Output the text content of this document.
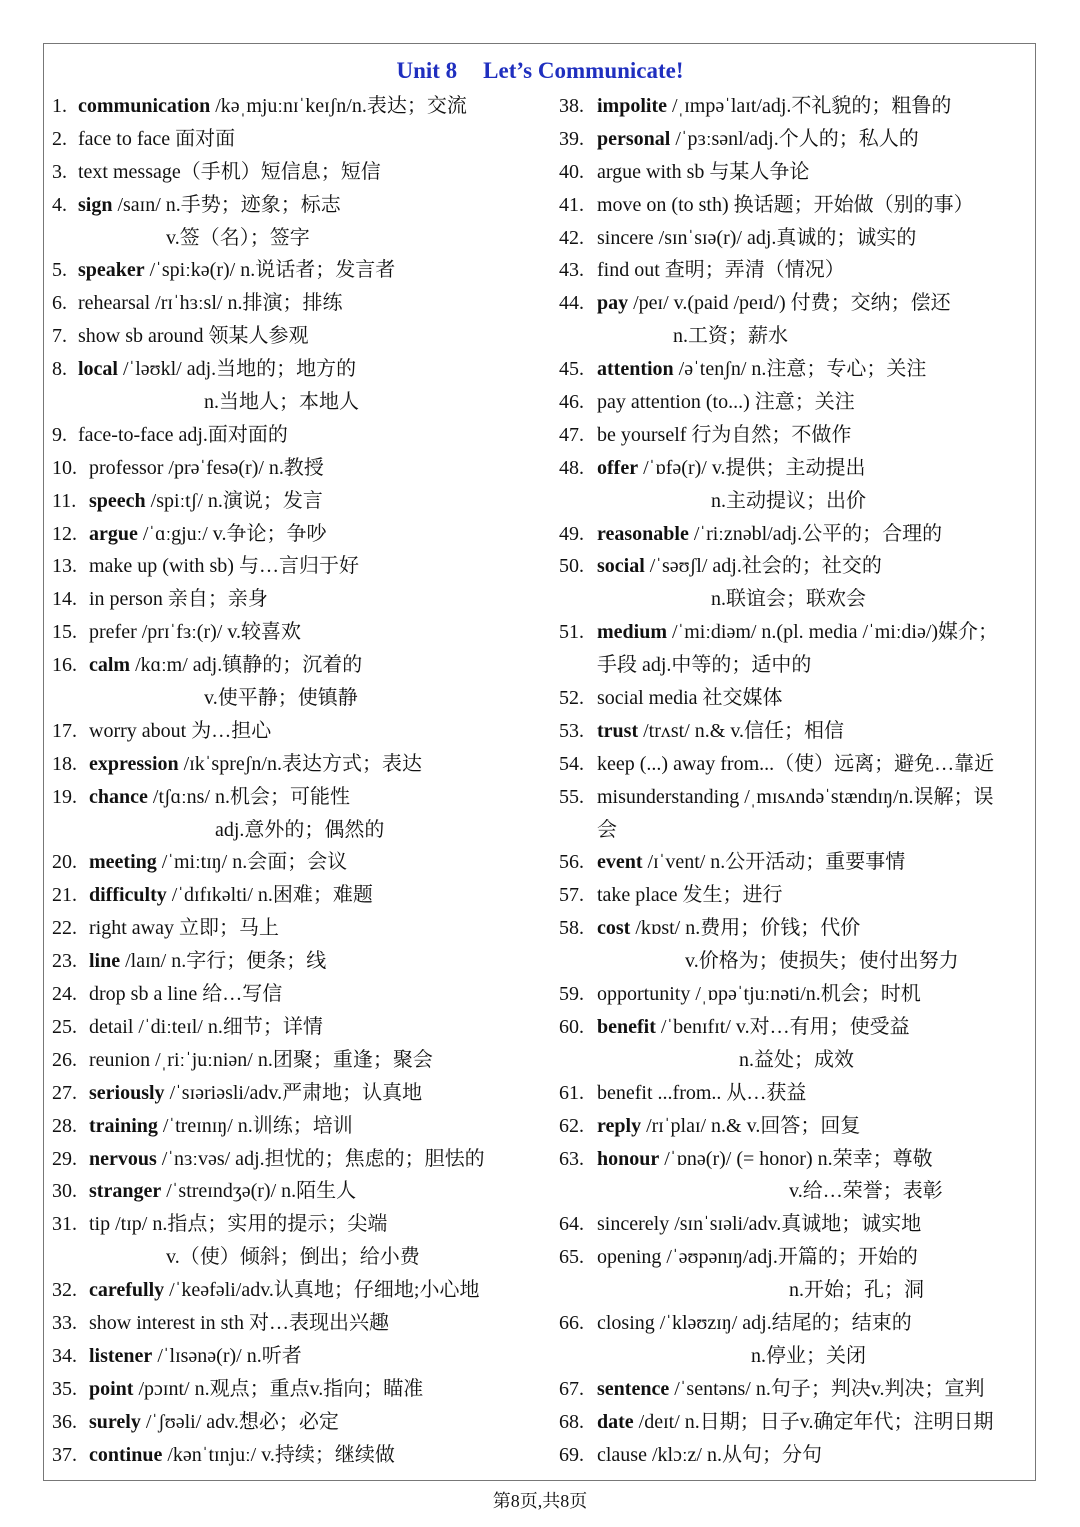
Unit 8 Let’s Communicate!
1. communication /kəˌmjuːnɪˈkeɪʃn/n.表达；交流
2. face to face 面对面
3. text message（手机）短信息；短信
4. sign /saɪn/ n.手势；迹象；标志
v.签（名）；签字
5. speaker /ˈspiːkə(r)/ n.说话者；发言者
6. rehearsal /rɪˈhɜːsl/ n.排演；排练
7. show sb around 领某人参观
8. local /ˈləʊkl/ adj.当地的；地方的
n.当地人；本地人
9. face-to-face adj.面对面的
10. professor /prəˈfesə(r)/ n.教授
11. speech /spiːtʃ/ n.演说；发言
12. argue /ˈɑːgjuː/ v.争论；争吵
13. make up (with sb) 与…言归于好
14. in person 亲自；亲身
15. prefer /prɪˈfɜː(r)/ v.较喜欢
16. calm /kɑːm/ adj.镇静的；沉着的
v.使平静；使镇静
17. worry about 为…担心
18. expression /ɪkˈspreʃn/n.表达方式；表达
19. chance /tʃɑːns/ n.机会；可能性
adj.意外的；偶然的
20. meeting /ˈmiːtɪŋ/ n.会面；会议
21. difficulty /ˈdɪfɪkəlti/ n.困难；难题
22. right away 立即；马上
23. line /laɪn/ n.字行；便条；线
24. drop sb a line 给…写信
25. detail /ˈdiːteɪl/ n.细节；详情
26. reunion /ˌriːˈjuːniən/ n.团聚；重逢；聚会
27. seriously /ˈsɪəriəsli/adv.严肃地；认真地
28. training /ˈtreɪnɪŋ/ n.训练；培训
29. nervous /ˈnɜːvəs/ adj.担忧的；焦虑的；胆怯的
30. stranger /ˈstreɪndʒə(r)/ n.陌生人
31. tip /tɪp/ n.指点；实用的提示；尖端
v.（使）倾斜；倒出；给小费
32. carefully /ˈkeəfəli/adv.认真地；仔细地;小心地
33. show interest in sth 对…表现出兴趣
34. listener /ˈlɪsənə(r)/ n.听者
35. point /pɔɪnt/ n.观点；重点v.指向；瞄准
36. surely /ˈʃʊəli/ adv.想必；必定
37. continue /kənˈtɪnjuː/ v.持续；继续做
38. impolite /ˌɪmpəˈlaɪt/adj.不礼貌的；粗鲁的
39. personal /ˈpɜːsənl/adj.个人的；私人的
40. argue with sb 与某人争论
41. move on (to sth) 换话题；开始做（别的事）
42. sincere /sɪnˈsɪə(r)/ adj.真诚的；诚实的
43. find out 查明；弄清（情况）
44. pay /peɪ/ v.(paid /peɪd/) 付费；交纳；偿还
n.工资；薪水
45. attention /əˈtenʃn/ n.注意；专心；关注
46. pay attention (to...) 注意；关注
47. be yourself 行为自然；不做作
48. offer /ˈɒfə(r)/ v.提供；主动提出
n.主动提议；出价
49. reasonable /ˈriːznəbl/adj.公平的；合理的
50. social /ˈsəʊʃl/ adj.社会的；社交的
n.联谊会；联欢会
51. medium /ˈmiːdiəm/ n.(pl. media /ˈmiːdiə/)媒介；
手段 adj.中等的；适中的
52. social media 社交媒体
53. trust /trʌst/ n.& v.信任；相信
54. keep (...) away from...（使）远离；避免…靠近
55. misunderstanding /ˌmɪsʌndəˈstændɪŋ/n.误解；误
会
56. event /ɪˈvent/ n.公开活动；重要事情
57. take place 发生；进行
58. cost /kɒst/ n.费用；价钱；代价
v.价格为；使损失；使付出努力
59. opportunity /ˌɒpəˈtjuːnəti/n.机会；时机
60. benefit /ˈbenɪfɪt/ v.对…有用；使受益
n.益处；成效
61. benefit ...from.. 从…获益
62. reply /rɪˈplaɪ/ n.& v.回答；回复
63. honour /ˈɒnə(r)/ (= honor) n.荣幸；尊敬
v.给…荣誉；表彰
64. sincerely /sɪnˈsɪəli/adv.真诚地；诚实地
65. opening /ˈəʊpənɪŋ/adj.开篇的；开始的
n.开始；孔；洞
66. closing /ˈkləʊzɪŋ/ adj.结尾的；结束的
n.停业；关闭
67. sentence /ˈsentəns/ n.句子；判决v.判决；宣判
68. date /deɪt/ n.日期；日子v.确定年代；注明日期
69. clause /klɔːz/ n.从句；分句
第8页,共8页
